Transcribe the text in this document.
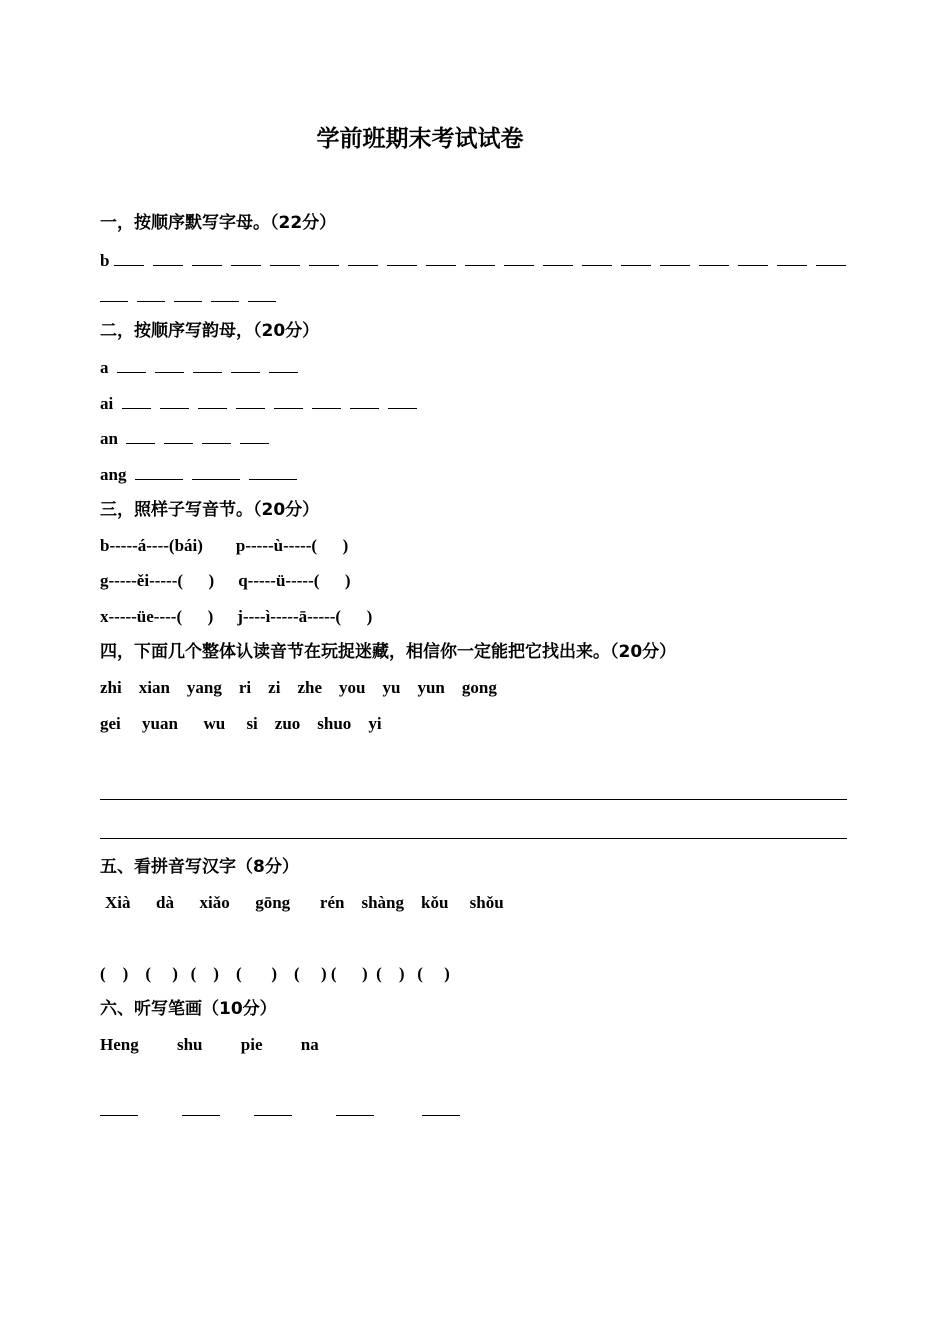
学前班期末考试试卷
一，按顺序默写字母。（22分）
b
二，按顺序写韵母，（20分）
a
ai
an
ang
三，照样子写音节。（20分）
b-----á----(bái) p-----ù-----(      )
g-----ěi-----(      ) q-----ü-----(      )
x-----üe----(      ) j----ì-----ā-----(      )
四，下面几个整体认读音节在玩捉迷藏，相信你一定能把它找出来。（20分）
zhi xian yang ri zi zhe you yu yun gong
gei yuan wu si zuo shuo yi
五、看拼音写汉字（8分）
Xià dà xiǎo gōng rén shàng kǒu shǒu
(    )    (     )   (    )    (       )    (     ) (      )  (    )   (     )
六、听写笔画（10分）
Heng shu pie na
